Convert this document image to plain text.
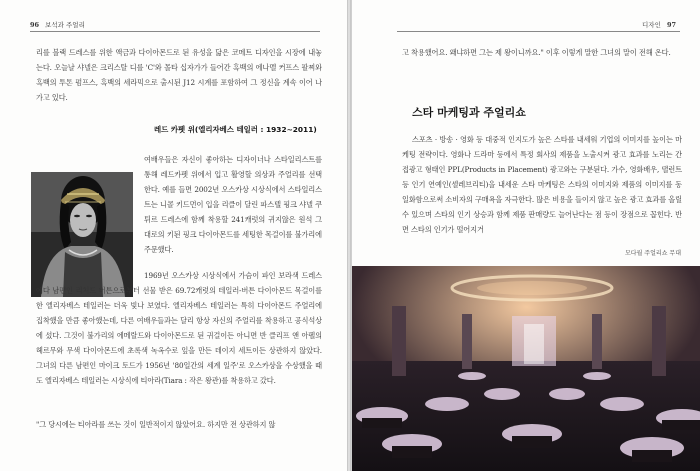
96 보석과 주얼리
리를 블랙 드레스를 위한 액금과 다이아몬드로 된 유성을 닮은 코메트 디자인을 시장에 내놓는다. 오늘날 샤넬은 크리스탈 디를 'C'와 몰타 십자가가 들어간 흑백의 에나멜 커프스 팔찌와 흑백의 투톤 펌프스, 흑백의 세라믹으로 출시된 J12 시계를 포함하여 그 정신을 계속 이어 나가고 있다.
레드 카펫 위(엘리자베스 테일러 : 1932~2011)
여배우들은 자신이 좋아하는 디자이너나 스타일리스트를 통해 레드카펫 위에서 입고 활영할 의상과 주얼리를 선택한다. 예를 들면 2002년 오스카상 시상식에서 스타일리스트는 니콜 키드먼이 입을 리클이 달린 파스텔 핑크 샤넬 쿠튀르 드레스에 함께 착용할 241캐럿의 귀지않은 원석 그대로의 키된 핑크 다이아몬드를 세팅한 목걸이를 불가리에 주문했다.
1969년 오스카상 시상식에서 가슴이 파인 보라색 드레스에다 남편인 리처드 버튼으로부터 선물 받은 69.72캐럿의 테일러-버튼 다이아몬드 목걸이를 한 엘리자베스 테일러는 더욱 빛나 보였다. 엘리자베스 테일러는 특히 다이아몬드 주얼리에 집착했을 만큼 좋아했는데, 다른 여배우들과는 달리 항상 자신의 주얼리를 착용하고 공식석상에 섰다. 그것이 불가리의 에메랄드와 다이아몬드로 된 귀걸이든 아니면 반 클리프 앤 아펠의 헤르무와 무색 다이아몬드에 초록색 녹옥수로 잎을 만든 데이지 세트이든 상관하지 않았다. 그녀의 다른 남편인 마이크 토드가 1956년 '80일간의 세계 일주'로 오스카상을 수상했을 때도 엘리자베스 테일러는 시상식에 티아라(Tiara : 작은 왕관)를 착용하고 갔다.
"그 당시에는 티아라를 쓰는 것이 일반적이지 않았어요. 하지만 전 상관하지 않
디자인 97
고 착용했어요. 왜냐하면 그는 제 왕이니까요." 이후 이렇게 말한 그녀의 말이 전해 온다.
스타 마케팅과 주얼리쇼
스포츠 · 방송 · 영화 등 대중적 인지도가 높은 스타를 내세워 기업의 이미지를 높이는 마케팅 전략이다. 영화나 드라마 등에서 특정 회사의 제품을 노출시켜 광고 효과를 노리는 간접광고 형태인 PPL(Products in Placement) 광고와는 구분된다. 가수, 영화배우, 탤런트 등 인기 연예인(셀레브리티)을 내세운 스타 마케팅은 스타의 이미지와 제품의 이미지를 동일화함으로써 소비자의 구매욕을 자극한다. 많은 비용을 들이지 않고 높은 광고 효과를 올릴 수 있으며 스타의 인기 상승과 함께 제품 판매량도 늘어난다는 점 등이 장점으로 꼽힌다. 반면 스타의 인기가 떨어지거
모다월 주얼리쇼 무대
